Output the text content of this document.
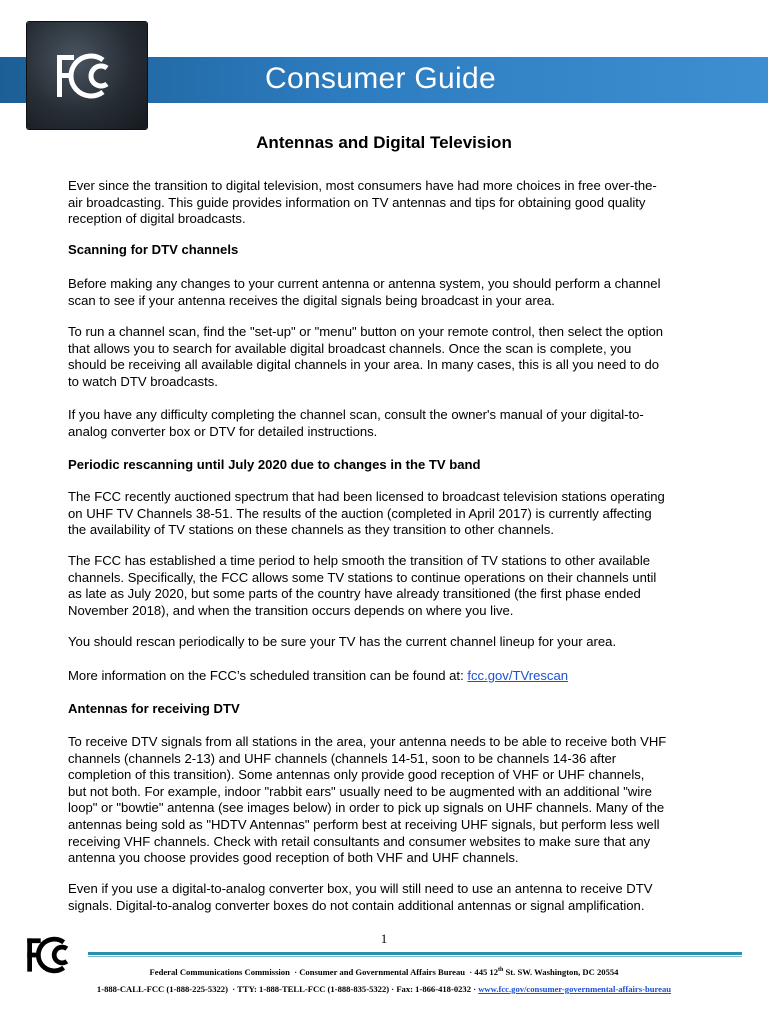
Consumer Guide
Antennas and Digital Television
Ever since the transition to digital television, most consumers have had more choices in free over-the-
air broadcasting. This guide provides information on TV antennas and tips for obtaining good quality
reception of digital broadcasts.
Scanning for DTV channels
Before making any changes to your current antenna or antenna system, you should perform a channel
scan to see if your antenna receives the digital signals being broadcast in your area.
To run a channel scan, find the "set-up" or "menu" button on your remote control, then select the option
that allows you to search for available digital broadcast channels. Once the scan is complete, you
should be receiving all available digital channels in your area. In many cases, this is all you need to do
to watch DTV broadcasts.
If you have any difficulty completing the channel scan, consult the owner's manual of your digital-to-
analog converter box or DTV for detailed instructions.
Periodic rescanning until July 2020 due to changes in the TV band
The FCC recently auctioned spectrum that had been licensed to broadcast television stations operating
on UHF TV Channels 38-51. The results of the auction (completed in April 2017) is currently affecting
the availability of TV stations on these channels as they transition to other channels.
The FCC has established a time period to help smooth the transition of TV stations to other available
channels. Specifically, the FCC allows some TV stations to continue operations on their channels until
as late as July 2020, but some parts of the country have already transitioned (the first phase ended
November 2018), and when the transition occurs depends on where you live.
You should rescan periodically to be sure your TV has the current channel lineup for your area.
More information on the FCC’s scheduled transition can be found at: fcc.gov/TVrescan
Antennas for receiving DTV
To receive DTV signals from all stations in the area, your antenna needs to be able to receive both VHF
channels (channels 2-13) and UHF channels (channels 14-51, soon to be channels 14-36 after
completion of this transition). Some antennas only provide good reception of VHF or UHF channels,
but not both. For example, indoor "rabbit ears" usually need to be augmented with an additional "wire
loop" or "bowtie" antenna (see images below) in order to pick up signals on UHF channels. Many of the
antennas being sold as "HDTV Antennas" perform best at receiving UHF signals, but perform less well
receiving VHF channels. Check with retail consultants and consumer websites to make sure that any
antenna you choose provides good reception of both VHF and UHF channels.
Even if you use a digital-to-analog converter box, you will still need to use an antenna to receive DTV
signals. Digital-to-analog converter boxes do not contain additional antennas or signal amplification.
1
Federal Communications Commission · Consumer and Governmental Affairs Bureau · 445 12th St. SW. Washington, DC 20554
1-888-CALL-FCC (1-888-225-5322) · TTY: 1-888-TELL-FCC (1-888-835-5322) · Fax: 1-866-418-0232 · www.fcc.gov/consumer-governmental-affairs-bureau
